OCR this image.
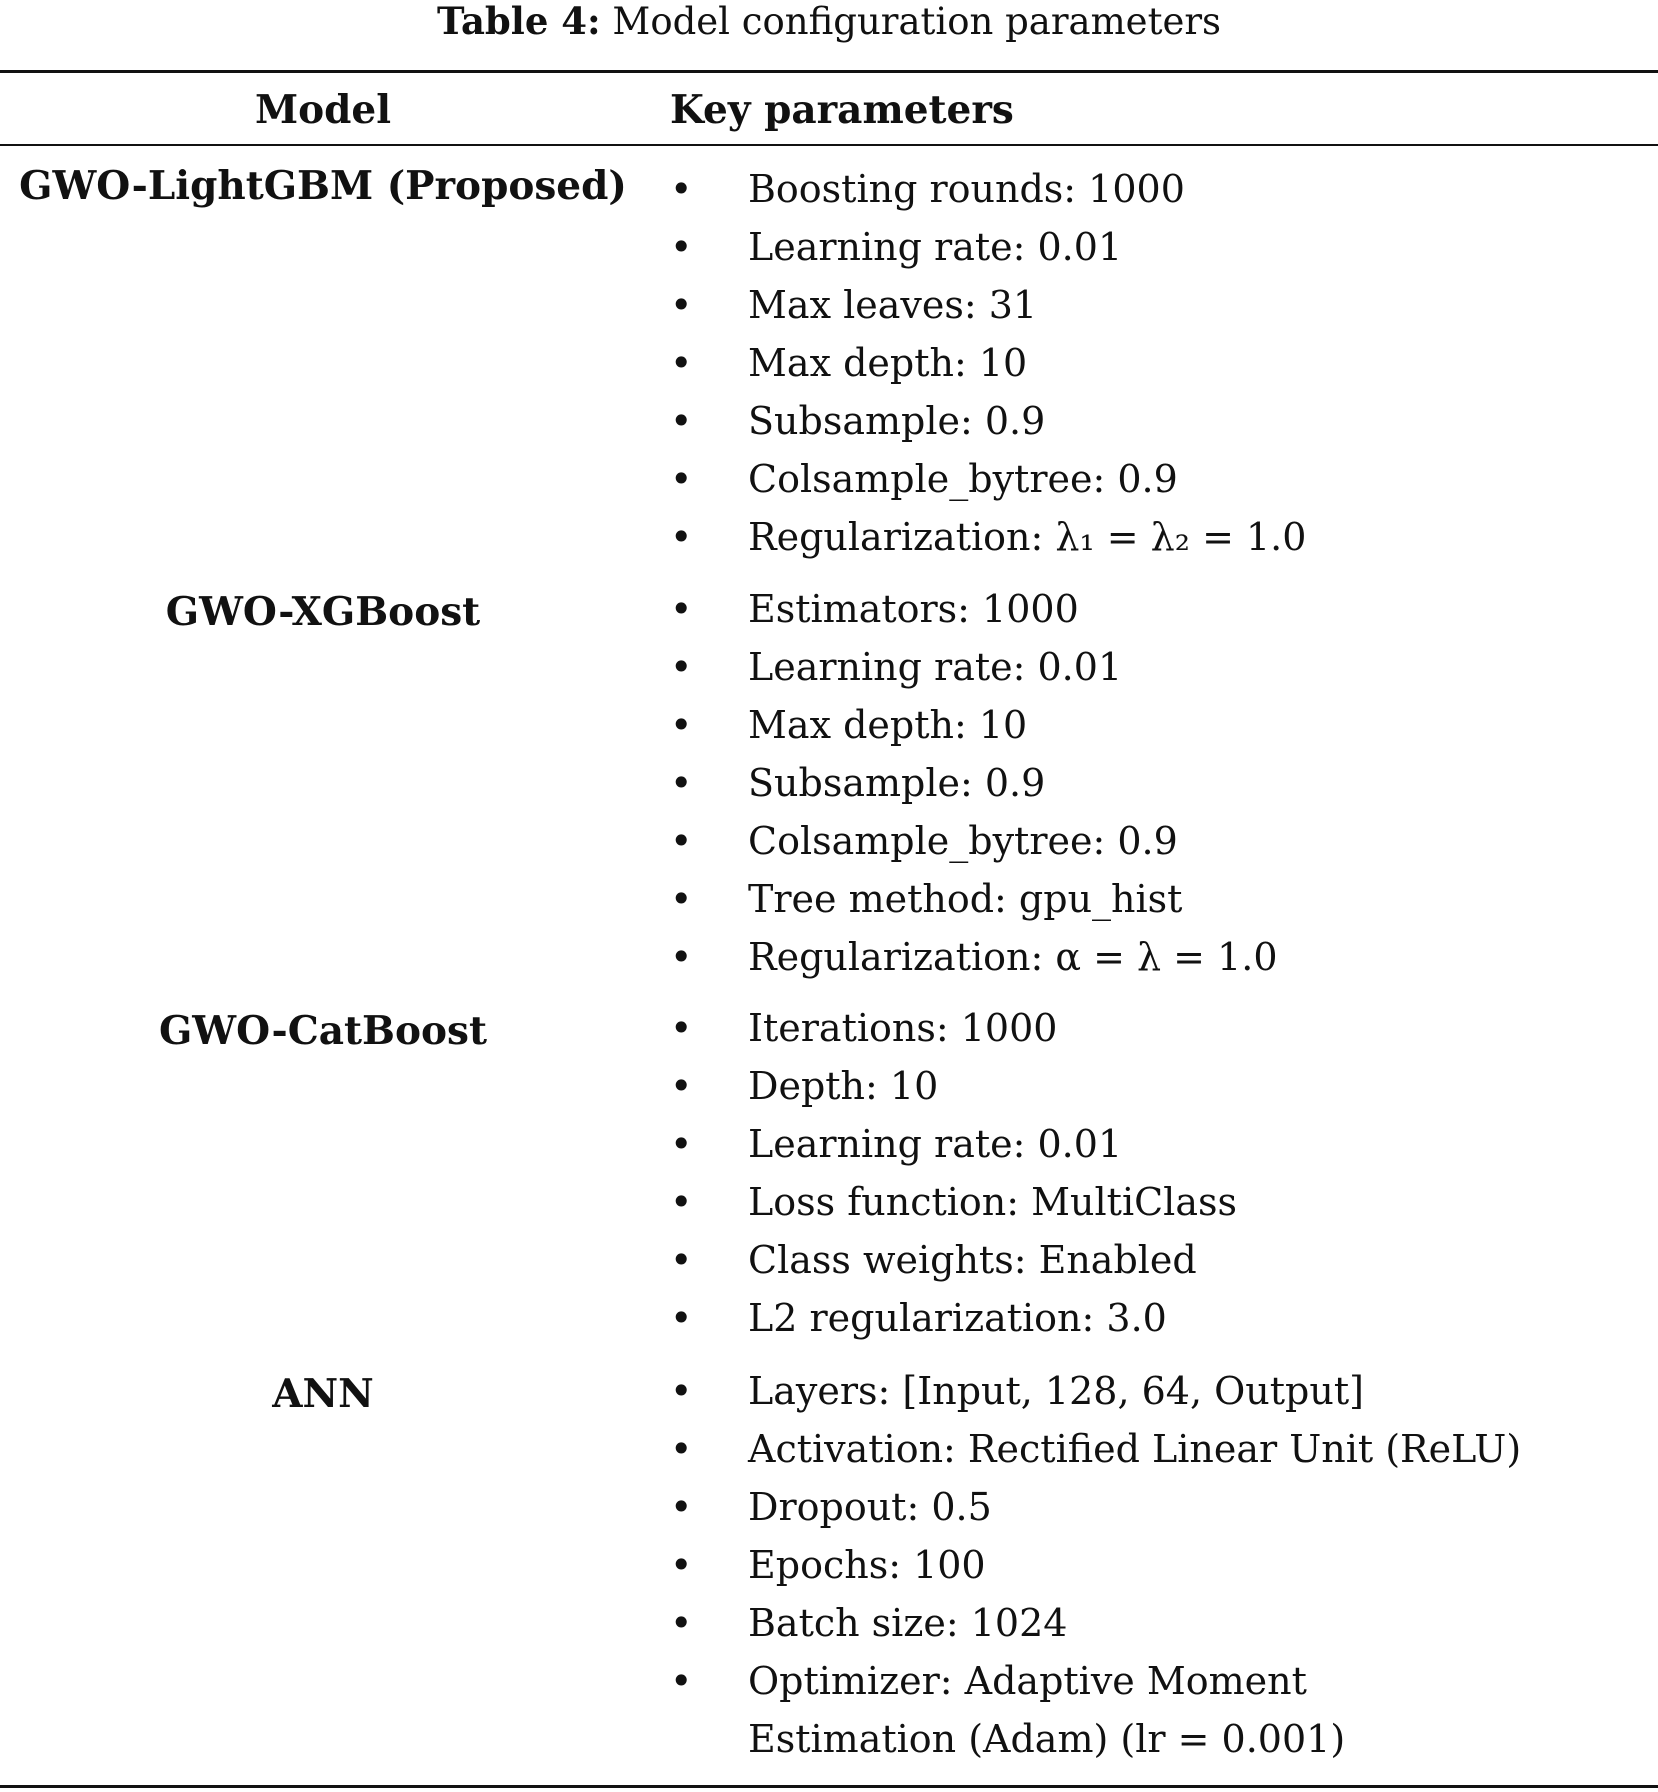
Table 4: Model configuration parameters
Model	Key parameters
GWO-LightGBM (Proposed)	• Boosting rounds: 1000
• Learning rate: 0.01
• Max leaves: 31
• Max depth: 10
• Subsample: 0.9
• Colsample_bytree: 0.9
• Regularization: λ₁ = λ₂ = 1.0
GWO-XGBoost	• Estimators: 1000
• Learning rate: 0.01
• Max depth: 10
• Subsample: 0.9
• Colsample_bytree: 0.9
• Tree method: gpu_hist
• Regularization: α = λ = 1.0
GWO-CatBoost	• Iterations: 1000
• Depth: 10
• Learning rate: 0.01
• Loss function: MultiClass
• Class weights: Enabled
• L2 regularization: 3.0
ANN	• Layers: [Input, 128, 64, Output]
• Activation: Rectified Linear Unit (ReLU)
• Dropout: 0.5
• Epochs: 100
• Batch size: 1024
• Optimizer: Adaptive Moment Estimation (Adam) (lr = 0.001)
